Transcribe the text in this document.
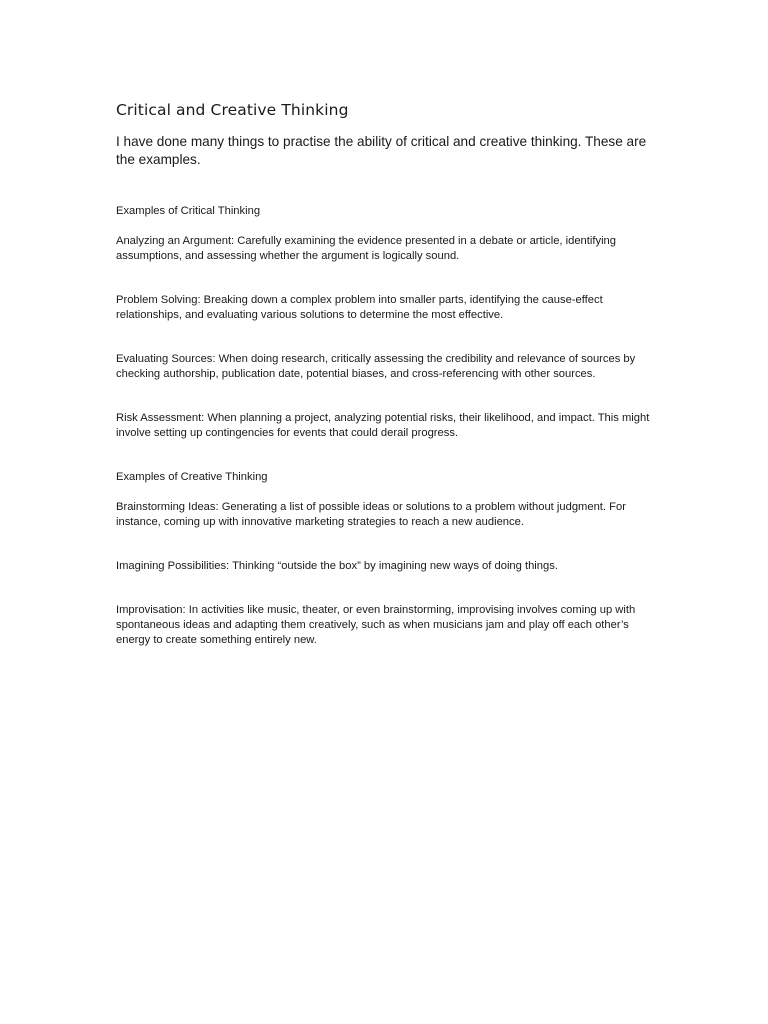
Critical and Creative Thinking

I have done many things to practise the ability of critical and creative thinking. These are the examples.

Examples of Critical Thinking

Analyzing an Argument: Carefully examining the evidence presented in a debate or article, identifying assumptions, and assessing whether the argument is logically sound.

Problem Solving: Breaking down a complex problem into smaller parts, identifying the cause-effect relationships, and evaluating various solutions to determine the most effective.

Evaluating Sources: When doing research, critically assessing the credibility and relevance of sources by checking authorship, publication date, potential biases, and cross-referencing with other sources.

Risk Assessment: When planning a project, analyzing potential risks, their likelihood, and impact. This might involve setting up contingencies for events that could derail progress.

Examples of Creative Thinking

Brainstorming Ideas: Generating a list of possible ideas or solutions to a problem without judgment. For instance, coming up with innovative marketing strategies to reach a new audience.

Imagining Possibilities: Thinking “outside the box” by imagining new ways of doing things.

Improvisation: In activities like music, theater, or even brainstorming, improvising involves coming up with spontaneous ideas and adapting them creatively, such as when musicians jam and play off each other’s energy to create something entirely new.
